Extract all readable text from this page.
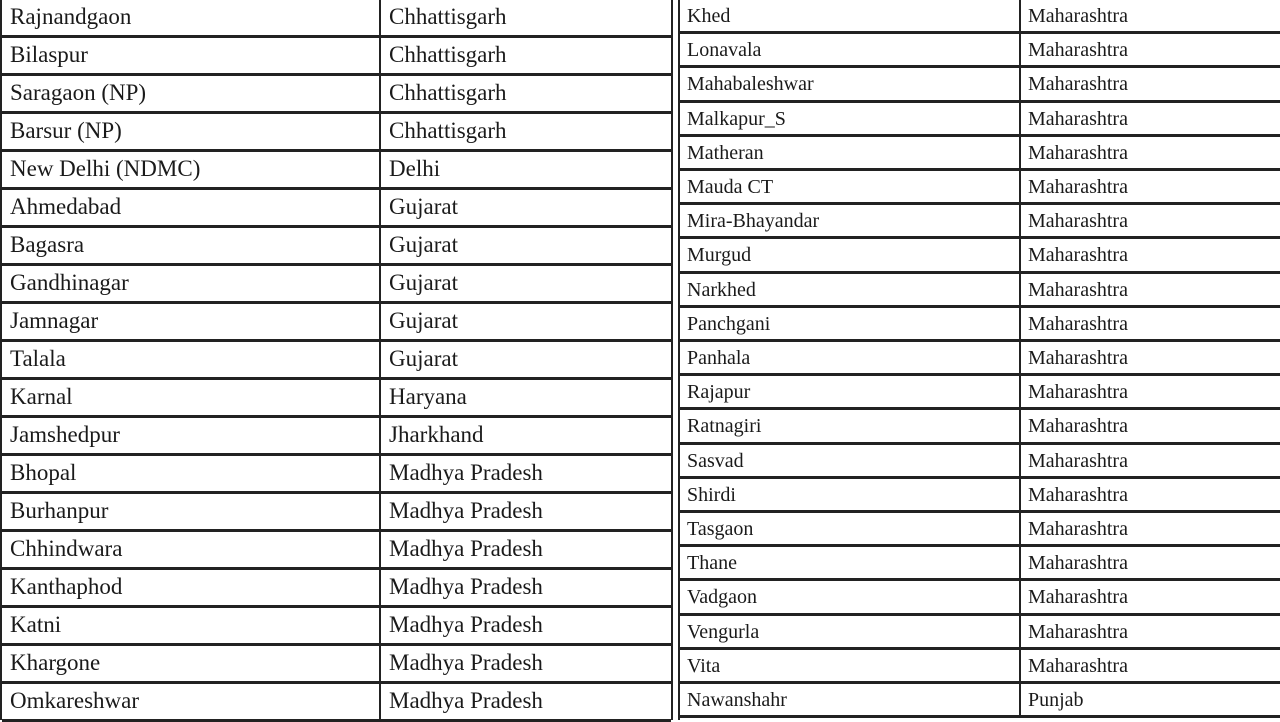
Rajnandgaon	Chhattisgarh
Bilaspur	Chhattisgarh
Saragaon (NP)	Chhattisgarh
Barsur (NP)	Chhattisgarh
New Delhi (NDMC)	Delhi
Ahmedabad	Gujarat
Bagasra	Gujarat
Gandhinagar	Gujarat
Jamnagar	Gujarat
Talala	Gujarat
Karnal	Haryana
Jamshedpur	Jharkhand
Bhopal	Madhya Pradesh
Burhanpur	Madhya Pradesh
Chhindwara	Madhya Pradesh
Kanthaphod	Madhya Pradesh
Katni	Madhya Pradesh
Khargone	Madhya Pradesh
Omkareshwar	Madhya Pradesh
Khed	Maharashtra
Lonavala	Maharashtra
Mahabaleshwar	Maharashtra
Malkapur_S	Maharashtra
Matheran	Maharashtra
Mauda CT	Maharashtra
Mira-Bhayandar	Maharashtra
Murgud	Maharashtra
Narkhed	Maharashtra
Panchgani	Maharashtra
Panhala	Maharashtra
Rajapur	Maharashtra
Ratnagiri	Maharashtra
Sasvad	Maharashtra
Shirdi	Maharashtra
Tasgaon	Maharashtra
Thane	Maharashtra
Vadgaon	Maharashtra
Vengurla	Maharashtra
Vita	Maharashtra
Nawanshahr	Punjab
